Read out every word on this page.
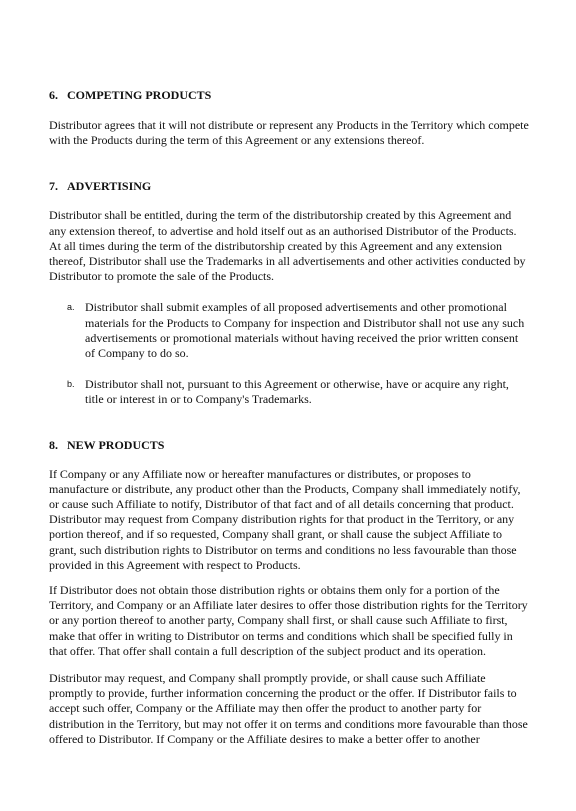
6. COMPETING PRODUCTS

Distributor agrees that it will not distribute or represent any Products in the Territory which compete with the Products during the term of this Agreement or any extensions thereof.

7. ADVERTISING

Distributor shall be entitled, during the term of the distributorship created by this Agreement and any extension thereof, to advertise and hold itself out as an authorised Distributor of the Products. At all times during the term of the distributorship created by this Agreement and any extension thereof, Distributor shall use the Trademarks in all advertisements and other activities conducted by Distributor to promote the sale of the Products.

a. Distributor shall submit examples of all proposed advertisements and other promotional materials for the Products to Company for inspection and Distributor shall not use any such advertisements or promotional materials without having received the prior written consent of Company to do so.
b. Distributor shall not, pursuant to this Agreement or otherwise, have or acquire any right, title or interest in or to Company's Trademarks.
8. NEW PRODUCTS

If Company or any Affiliate now or hereafter manufactures or distributes, or proposes to manufacture or distribute, any product other than the Products, Company shall immediately notify, or cause such Affiliate to notify, Distributor of that fact and of all details concerning that product. Distributor may request from Company distribution rights for that product in the Territory, or any portion thereof, and if so requested, Company shall grant, or shall cause the subject Affiliate to grant, such distribution rights to Distributor on terms and conditions no less favourable than those provided in this Agreement with respect to Products.

If Distributor does not obtain those distribution rights or obtains them only for a portion of the Territory, and Company or an Affiliate later desires to offer those distribution rights for the Territory or any portion thereof to another party, Company shall first, or shall cause such Affiliate to first, make that offer in writing to Distributor on terms and conditions which shall be specified fully in that offer. That offer shall contain a full description of the subject product and its operation.

Distributor may request, and Company shall promptly provide, or shall cause such Affiliate promptly to provide, further information concerning the product or the offer. If Distributor fails to accept such offer, Company or the Affiliate may then offer the product to another party for distribution in the Territory, but may not offer it on terms and conditions more favourable than those offered to Distributor. If Company or the Affiliate desires to make a better offer to another
